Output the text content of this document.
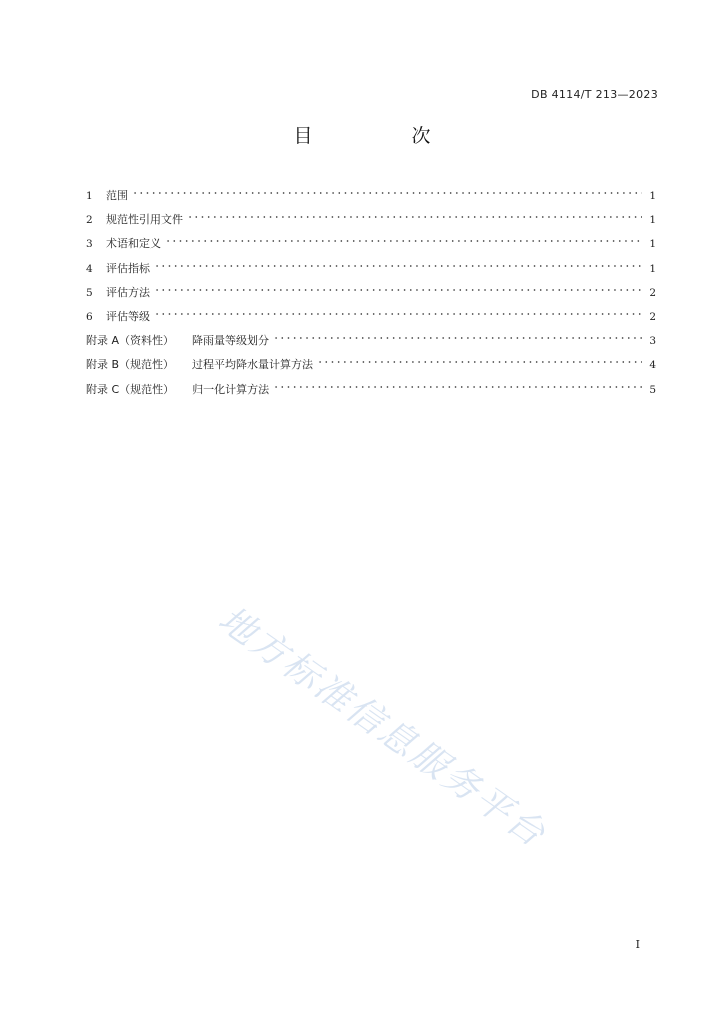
DB 4114/T 213—2023
目　次
1	范围	1
2	规范性引用文件	1
3	术语和定义	1
4	评估指标	1
5	评估方法	2
6	评估等级	2
附录 A（资料性） 降雨量等级划分	3
附录 B（规范性） 过程平均降水量计算方法	4
附录 C（规范性） 归一化计算方法	5
地方标准信息服务平台
I
